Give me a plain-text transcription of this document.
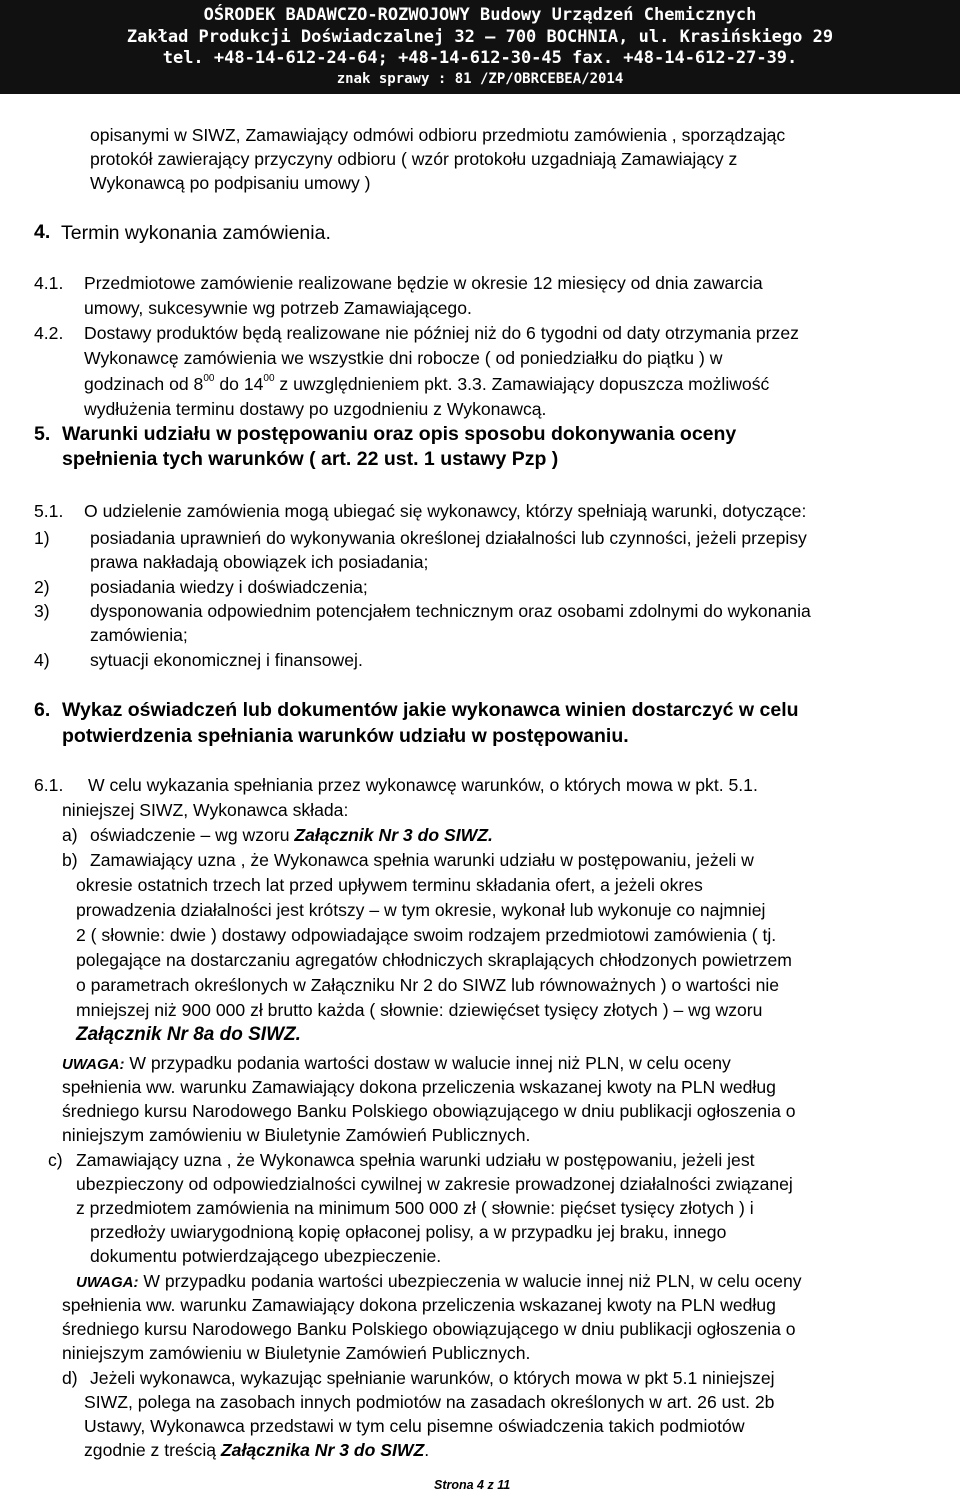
OŚRODEK BADAWCZO-ROZWOJOWY Budowy Urządzeń Chemicznych
Zakład Produkcji Doświadczalnej 32 – 700 BOCHNIA, ul. Krasińskiego 29
tel. +48-14-612-24-64; +48-14-612-30-45 fax. +48-14-612-27-39.
znak sprawy : 81 /ZP/OBRCEBEA/2014
opisanymi w SIWZ, Zamawiający odmówi odbioru przedmiotu zamówienia , sporządzając
protokół zawierający przyczyny odbioru ( wzór protokołu uzgadniają Zamawiający z
Wykonawcą po podpisaniu umowy )
4. Termin wykonania zamówienia.
4.1. Przedmiotowe zamówienie realizowane będzie w okresie 12 miesięcy od dnia zawarcia
umowy, sukcesywnie wg potrzeb Zamawiającego.
4.2. Dostawy produktów będą realizowane nie później niż do 6 tygodni od daty otrzymania przez
Wykonawcę zamówienia we wszystkie dni robocze ( od poniedziałku do piątku ) w
godzinach od $8^{00}$ do $14^{00}$ z uwzględnieniem pkt. 3.3. Zamawiający dopuszcza możliwość
wydłużenia terminu dostawy po uzgodnieniu z Wykonawcą.
5. Warunki udziału w postępowaniu oraz opis sposobu dokonywania oceny
spełnienia tych warunków ( art. 22 ust. 1 ustawy Pzp )
5.1. O udzielenie zamówienia mogą ubiegać się wykonawcy, którzy spełniają warunki, dotyczące:
1) posiadania uprawnień do wykonywania określonej działalności lub czynności, jeżeli przepisy
prawa nakładają obowiązek ich posiadania;
2) posiadania wiedzy i doświadczenia;
3) dysponowania odpowiednim potencjałem technicznym oraz osobami zdolnymi do wykonania
zamówienia;
4) sytuacji ekonomicznej i finansowej.
6. Wykaz oświadczeń lub dokumentów jakie wykonawca winien dostarczyć w celu
potwierdzenia spełniania warunków udziału w postępowaniu.
6.1. W celu wykazania spełniania przez wykonawcę warunków, o których mowa w pkt. 5.1.
niniejszej SIWZ, Wykonawca składa:
a) oświadczenie – wg wzoru Załącznik Nr 3 do SIWZ.
b) Zamawiający uzna , że Wykonawca spełnia warunki udziału w postępowaniu, jeżeli w
okresie ostatnich trzech lat przed upływem terminu składania ofert, a jeżeli okres
prowadzenia działalności jest krótszy – w tym okresie, wykonał lub wykonuje co najmniej
2 ( słownie: dwie ) dostawy odpowiadające swoim rodzajem przedmiotowi zamówienia ( tj.
polegające na dostarczaniu agregatów chłodniczych skraplających chłodzonych powietrzem
o parametrach określonych w Załączniku Nr 2 do SIWZ lub równoważnych ) o wartości nie
mniejszej niż 900 000 zł brutto każda ( słownie: dziewięćset tysięcy złotych ) – wg wzoru
Załącznik Nr 8a do SIWZ.
UWAGA: W przypadku podania wartości dostaw w walucie innej niż PLN, w celu oceny
spełnienia ww. warunku Zamawiający dokona przeliczenia wskazanej kwoty na PLN według
średniego kursu Narodowego Banku Polskiego obowiązującego w dniu publikacji ogłoszenia o
niniejszym zamówieniu w Biuletynie Zamówień Publicznych.
c) Zamawiający uzna , że Wykonawca spełnia warunki udziału w postępowaniu, jeżeli jest
ubezpieczony od odpowiedzialności cywilnej w zakresie prowadzonej działalności związanej
z przedmiotem zamówienia na minimum 500 000 zł ( słownie: pięćset tysięcy złotych ) i
przedłoży uwiarygodnioną kopię opłaconej polisy, a w przypadku jej braku, innego
dokumentu potwierdzającego ubezpieczenie.
UWAGA: W przypadku podania wartości ubezpieczenia w walucie innej niż PLN, w celu oceny
spełnienia ww. warunku Zamawiający dokona przeliczenia wskazanej kwoty na PLN według
średniego kursu Narodowego Banku Polskiego obowiązującego w dniu publikacji ogłoszenia o
niniejszym zamówieniu w Biuletynie Zamówień Publicznych.
d) Jeżeli wykonawca, wykazując spełnianie warunków, o których mowa w pkt 5.1 niniejszej
SIWZ, polega na zasobach innych podmiotów na zasadach określonych w art. 26 ust. 2b
Ustawy, Wykonawca przedstawi w tym celu pisemne oświadczenia takich podmiotów
zgodnie z treścią Załącznika Nr 3 do SIWZ.
Strona 4 z 11
